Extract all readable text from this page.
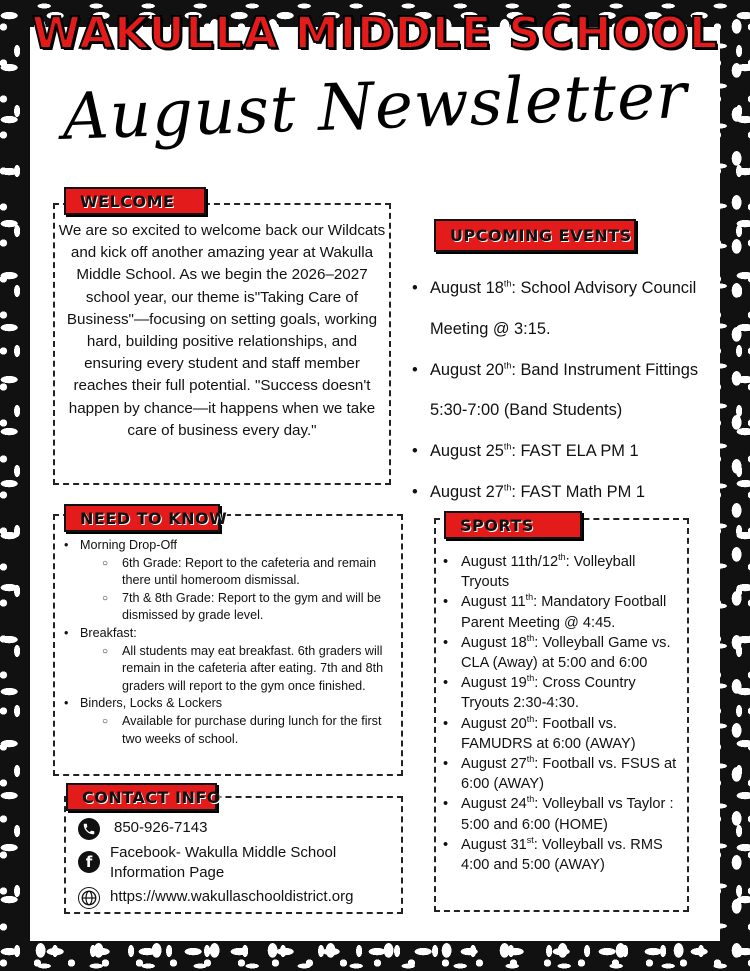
WAKULLA MIDDLE SCHOOL
August Newsletter
WELCOME
We are so excited to welcome back our Wildcats and kick off another amazing year at Wakulla Middle School. As we begin the 2026–2027 school year, our theme is"Taking Care of Business"—focusing on setting goals, working hard, building positive relationships, and ensuring every student and staff member reaches their full potential. "Success doesn't happen by chance—it happens when we take care of business every day."
NEED TO KNOW
• Morning Drop-Off
○ 6th Grade: Report to the cafeteria and remain there until homeroom dismissal.
○ 7th & 8th Grade: Report to the gym and will be dismissed by grade level.
• Breakfast:
○ All students may eat breakfast. 6th graders will remain in the cafeteria after eating. 7th and 8th graders will report to the gym once finished.
• Binders, Locks & Lockers
○ Available for purchase during lunch for the first two weeks of school.
CONTACT INFO
850-926-7143
f
Facebook- Wakulla Middle School Information Page
https://www.wakullaschooldistrict.org
UPCOMING EVENTS
• August 18th: School Advisory Council Meeting @ 3:15.
• August 20th: Band Instrument Fittings 5:30-7:00 (Band Students)
• August 25th: FAST ELA PM 1
• August 27th: FAST Math PM 1
SPORTS
• August 11th/12th: Volleyball Tryouts
• August 11th: Mandatory Football Parent Meeting @ 4:45.
• August 18th: Volleyball Game vs. CLA (Away) at 5:00 and 6:00
• August 19th: Cross Country Tryouts 2:30-4:30.
• August 20th: Football vs. FAMUDRS at 6:00 (AWAY)
• August 27th: Football vs. FSUS at 6:00 (AWAY)
• August 24th: Volleyball vs Taylor : 5:00 and 6:00 (HOME)
• August 31st: Volleyball vs. RMS 4:00 and 5:00 (AWAY)
